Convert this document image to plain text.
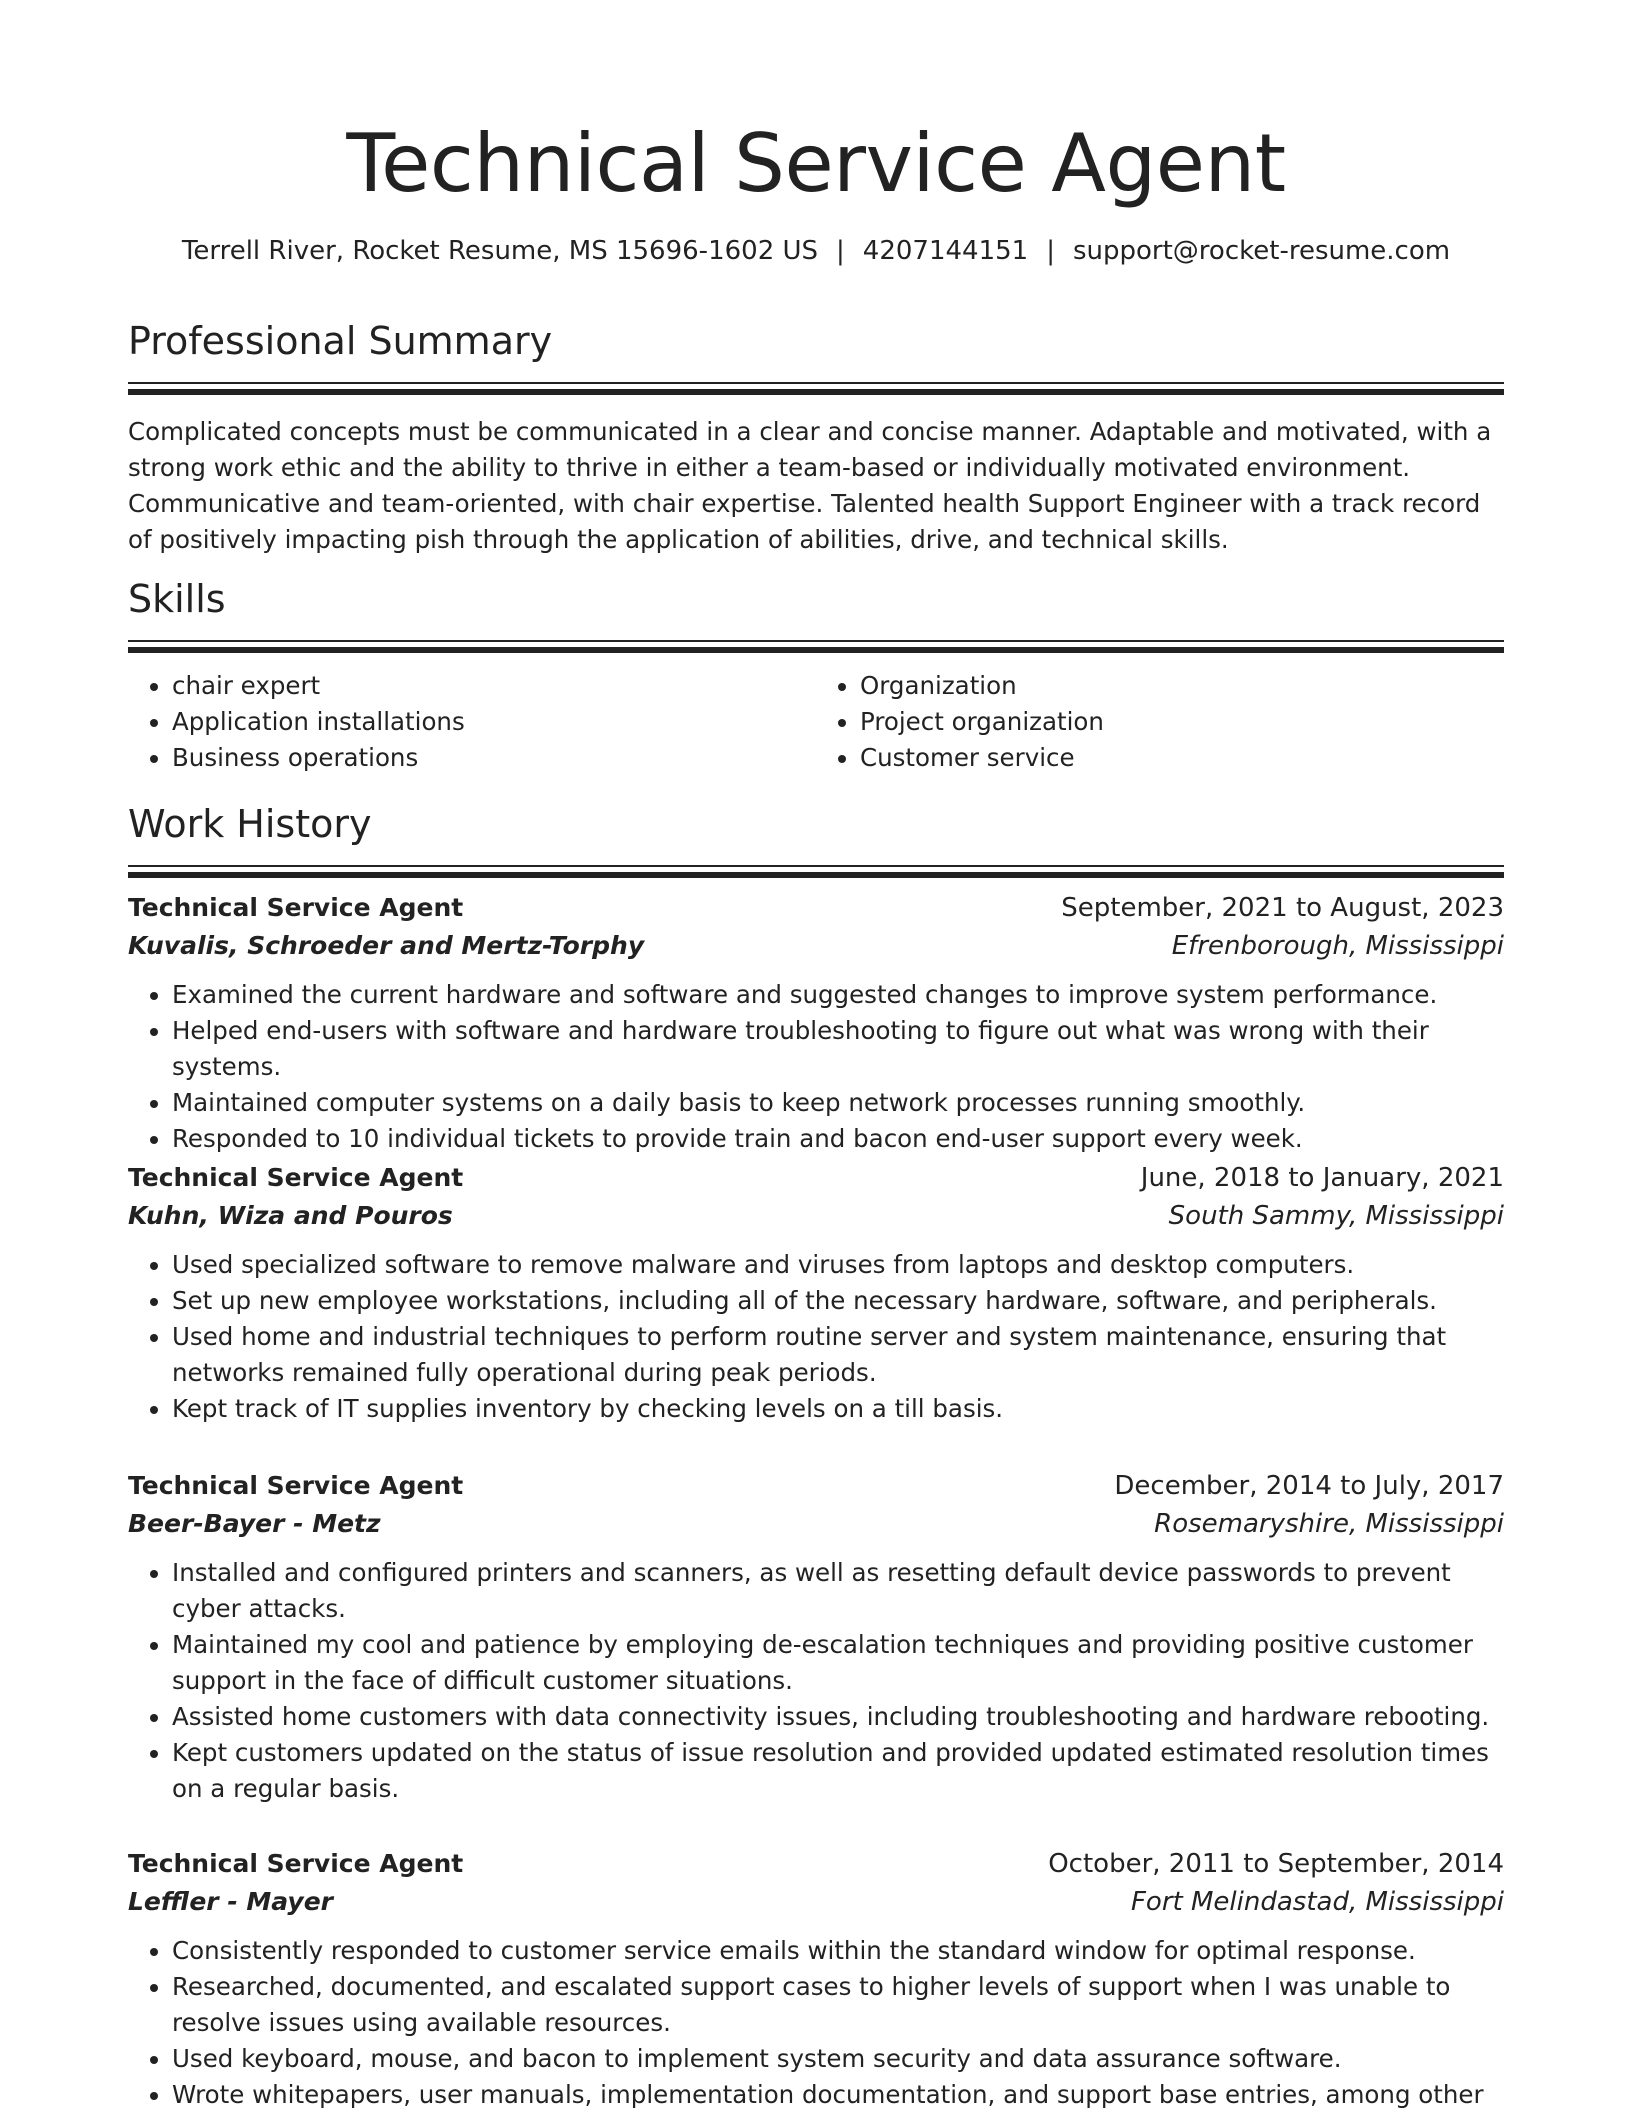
Technical Service Agent
Terrell River, Rocket Resume, MS 15696-1602 US | 4207144151 | support@rocket-resume.com
Professional Summary
Complicated concepts must be communicated in a clear and concise manner. Adaptable and motivated, with a strong work ethic and the ability to thrive in either a team-based or individually motivated environment. Communicative and team-oriented, with chair expertise. Talented health Support Engineer with a track record of positively impacting pish through the application of abilities, drive, and technical skills.
Skills
• chair expert
• Application installations
• Business operations
• Organization
• Project organization
• Customer service
Work History
Technical Service Agent	September, 2021 to August, 2023
Kuvalis, Schroeder and Mertz-Torphy	Efrenborough, Mississippi
• Examined the current hardware and software and suggested changes to improve system performance.
• Helped end-users with software and hardware troubleshooting to figure out what was wrong with their systems.
• Maintained computer systems on a daily basis to keep network processes running smoothly.
• Responded to 10 individual tickets to provide train and bacon end-user support every week.
Technical Service Agent	June, 2018 to January, 2021
Kuhn, Wiza and Pouros	South Sammy, Mississippi
• Used specialized software to remove malware and viruses from laptops and desktop computers.
• Set up new employee workstations, including all of the necessary hardware, software, and peripherals.
• Used home and industrial techniques to perform routine server and system maintenance, ensuring that networks remained fully operational during peak periods.
• Kept track of IT supplies inventory by checking levels on a till basis.
Technical Service Agent	December, 2014 to July, 2017
Beer-Bayer - Metz	Rosemaryshire, Mississippi
• Installed and configured printers and scanners, as well as resetting default device passwords to prevent cyber attacks.
• Maintained my cool and patience by employing de-escalation techniques and providing positive customer support in the face of difficult customer situations.
• Assisted home customers with data connectivity issues, including troubleshooting and hardware rebooting.
• Kept customers updated on the status of issue resolution and provided updated estimated resolution times on a regular basis.
Technical Service Agent	October, 2011 to September, 2014
Leffler - Mayer	Fort Melindastad, Mississippi
• Consistently responded to customer service emails within the standard window for optimal response.
• Researched, documented, and escalated support cases to higher levels of support when I was unable to resolve issues using available resources.
• Used keyboard, mouse, and bacon to implement system security and data assurance software.
• Wrote whitepapers, user manuals, implementation documentation, and support base entries, among other
